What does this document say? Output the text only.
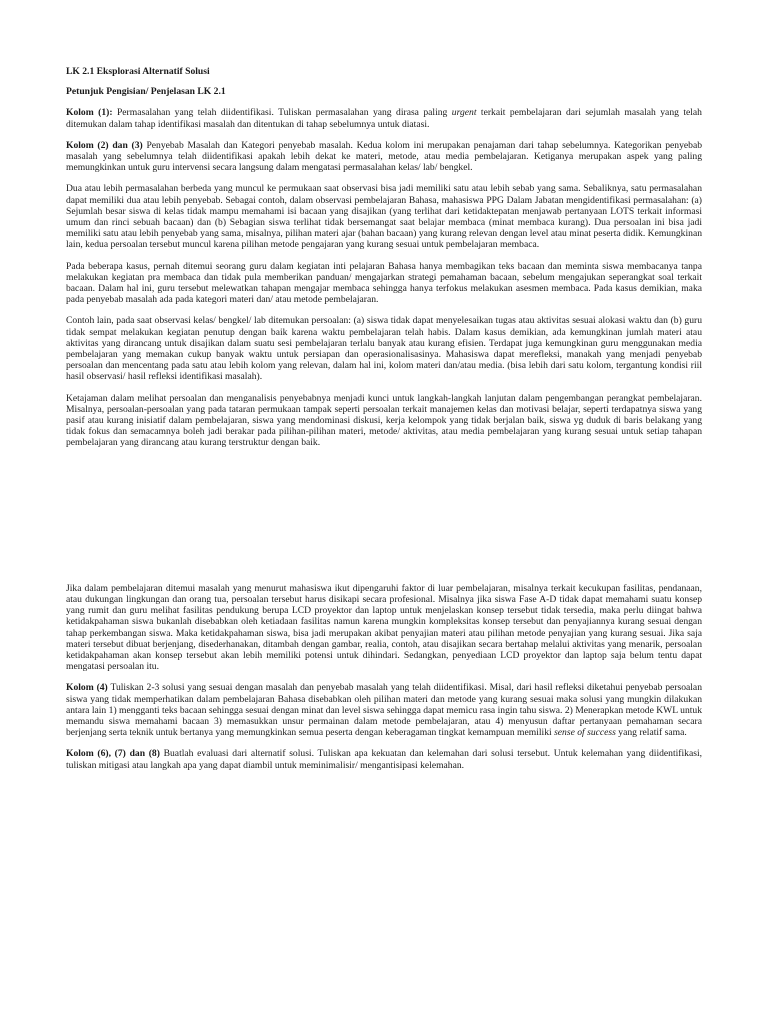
LK 2.1 Eksplorasi Alternatif Solusi

Petunjuk Pengisian/ Penjelasan LK 2.1

Kolom (1): Permasalahan yang telah diidentifikasi. Tuliskan permasalahan yang dirasa paling urgent terkait pembelajaran dari sejumlah masalah yang telah ditemukan dalam tahap identifikasi masalah dan ditentukan di tahap sebelumnya untuk diatasi.

Kolom (2) dan (3) Penyebab Masalah dan Kategori penyebab masalah. Kedua kolom ini merupakan penajaman dari tahap sebelumnya. Kategorikan penyebab masalah yang sebelumnya telah diidentifikasi apakah lebih dekat ke materi, metode, atau media pembelajaran. Ketiganya merupakan aspek yang paling memungkinkan untuk guru intervensi secara langsung dalam mengatasi permasalahan kelas/ lab/ bengkel.

Dua atau lebih permasalahan berbeda yang muncul ke permukaan saat observasi bisa jadi memiliki satu atau lebih sebab yang sama. Sebaliknya, satu permasalahan dapat memiliki dua atau lebih penyebab. Sebagai contoh, dalam observasi pembelajaran Bahasa, mahasiswa PPG Dalam Jabatan mengidentifikasi permasalahan: (a) Sejumlah besar siswa di kelas tidak mampu memahami isi bacaan yang disajikan (yang terlihat dari ketidaktepatan menjawab pertanyaan LOTS terkait informasi umum dan rinci sebuah bacaan) dan (b) Sebagian siswa terlihat tidak bersemangat saat belajar membaca (minat membaca kurang). Dua persoalan ini bisa jadi memiliki satu atau lebih penyebab yang sama, misalnya, pilihan materi ajar (bahan bacaan) yang kurang relevan dengan level atau minat peserta didik. Kemungkinan lain, kedua persoalan tersebut muncul karena pilihan metode pengajaran yang kurang sesuai untuk pembelajaran membaca.

Pada beberapa kasus, pernah ditemui seorang guru dalam kegiatan inti pelajaran Bahasa hanya membagikan teks bacaan dan meminta siswa membacanya tanpa melakukan kegiatan pra membaca dan tidak pula memberikan panduan/ mengajarkan strategi pemahaman bacaan, sebelum mengajukan seperangkat soal terkait bacaan. Dalam hal ini, guru tersebut melewatkan tahapan mengajar membaca sehingga hanya terfokus melakukan asesmen membaca. Pada kasus demikian, maka pada penyebab masalah ada pada kategori materi dan/ atau metode pembelajaran.

Contoh lain, pada saat observasi kelas/ bengkel/ lab ditemukan persoalan: (a) siswa tidak dapat menyelesaikan tugas atau aktivitas sesuai alokasi waktu dan (b) guru tidak sempat melakukan kegiatan penutup dengan baik karena waktu pembelajaran telah habis. Dalam kasus demikian, ada kemungkinan jumlah materi atau aktivitas yang dirancang untuk disajikan dalam suatu sesi pembelajaran terlalu banyak atau kurang efisien. Terdapat juga kemungkinan guru menggunakan media pembelajaran yang memakan cukup banyak waktu untuk persiapan dan operasionalisasinya. Mahasiswa dapat merefleksi, manakah yang menjadi penyebab persoalan dan mencentang pada satu atau lebih kolom yang relevan, dalam hal ini, kolom materi dan/atau media. (bisa lebih dari satu kolom, tergantung kondisi riil hasil observasi/ hasil refleksi identifikasi masalah).

Ketajaman dalam melihat persoalan dan menganalisis penyebabnya menjadi kunci untuk langkah-langkah lanjutan dalam pengembangan perangkat pembelajaran. Misalnya, persoalan-persoalan yang pada tataran permukaan tampak seperti persoalan terkait manajemen kelas dan motivasi belajar, seperti terdapatnya siswa yang pasif atau kurang inisiatif dalam pembelajaran, siswa yang mendominasi diskusi, kerja kelompok yang tidak berjalan baik, siswa yg duduk di baris belakang yang tidak fokus dan semacamnya boleh jadi berakar pada pilihan-pilihan materi, metode/ aktivitas, atau media pembelajaran yang kurang sesuai untuk setiap tahapan pembelajaran yang dirancang atau kurang terstruktur dengan baik.

Jika dalam pembelajaran ditemui masalah yang menurut mahasiswa ikut dipengaruhi faktor di luar pembelajaran, misalnya terkait kecukupan fasilitas, pendanaan, atau dukungan lingkungan dan orang tua, persoalan tersebut harus disikapi secara profesional. Misalnya jika siswa Fase A-D tidak dapat memahami suatu konsep yang rumit dan guru melihat fasilitas pendukung berupa LCD proyektor dan laptop untuk menjelaskan konsep tersebut tidak tersedia, maka perlu diingat bahwa ketidakpahaman siswa bukanlah disebabkan oleh ketiadaan fasilitas namun karena mungkin kompleksitas konsep tersebut dan penyajiannya kurang sesuai dengan tahap perkembangan siswa. Maka ketidakpahaman siswa, bisa jadi merupakan akibat penyajian materi atau pilihan metode penyajian yang kurang sesuai. Jika saja materi tersebut dibuat berjenjang, disederhanakan, ditambah dengan gambar, realia, contoh, atau disajikan secara bertahap melalui aktivitas yang menarik, persoalan ketidakpahaman akan konsep tersebut akan lebih memiliki potensi untuk dihindari. Sedangkan, penyediaan LCD proyektor dan laptop saja belum tentu dapat mengatasi persoalan itu.

Kolom (4) Tuliskan 2-3 solusi yang sesuai dengan masalah dan penyebab masalah yang telah diidentifikasi. Misal, dari hasil refleksi diketahui penyebab persoalan siswa yang tidak memperhatikan dalam pembelajaran Bahasa disebabkan oleh pilihan materi dan metode yang kurang sesuai maka solusi yang mungkin dilakukan antara lain 1) mengganti teks bacaan sehingga sesuai dengan minat dan level siswa sehingga dapat memicu rasa ingin tahu siswa. 2) Menerapkan metode KWL untuk memandu siswa memahami bacaan 3) memasukkan unsur permainan dalam metode pembelajaran, atau 4) menyusun daftar pertanyaan pemahaman secara berjenjang serta teknik untuk bertanya yang memungkinkan semua peserta dengan keberagaman tingkat kemampuan memiliki sense of success yang relatif sama.

Kolom (6), (7) dan (8) Buatlah evaluasi dari alternatif solusi. Tuliskan apa kekuatan dan kelemahan dari solusi tersebut. Untuk kelemahan yang diidentifikasi, tuliskan mitigasi atau langkah apa yang dapat diambil untuk meminimalisir/ mengantisipasi kelemahan.
